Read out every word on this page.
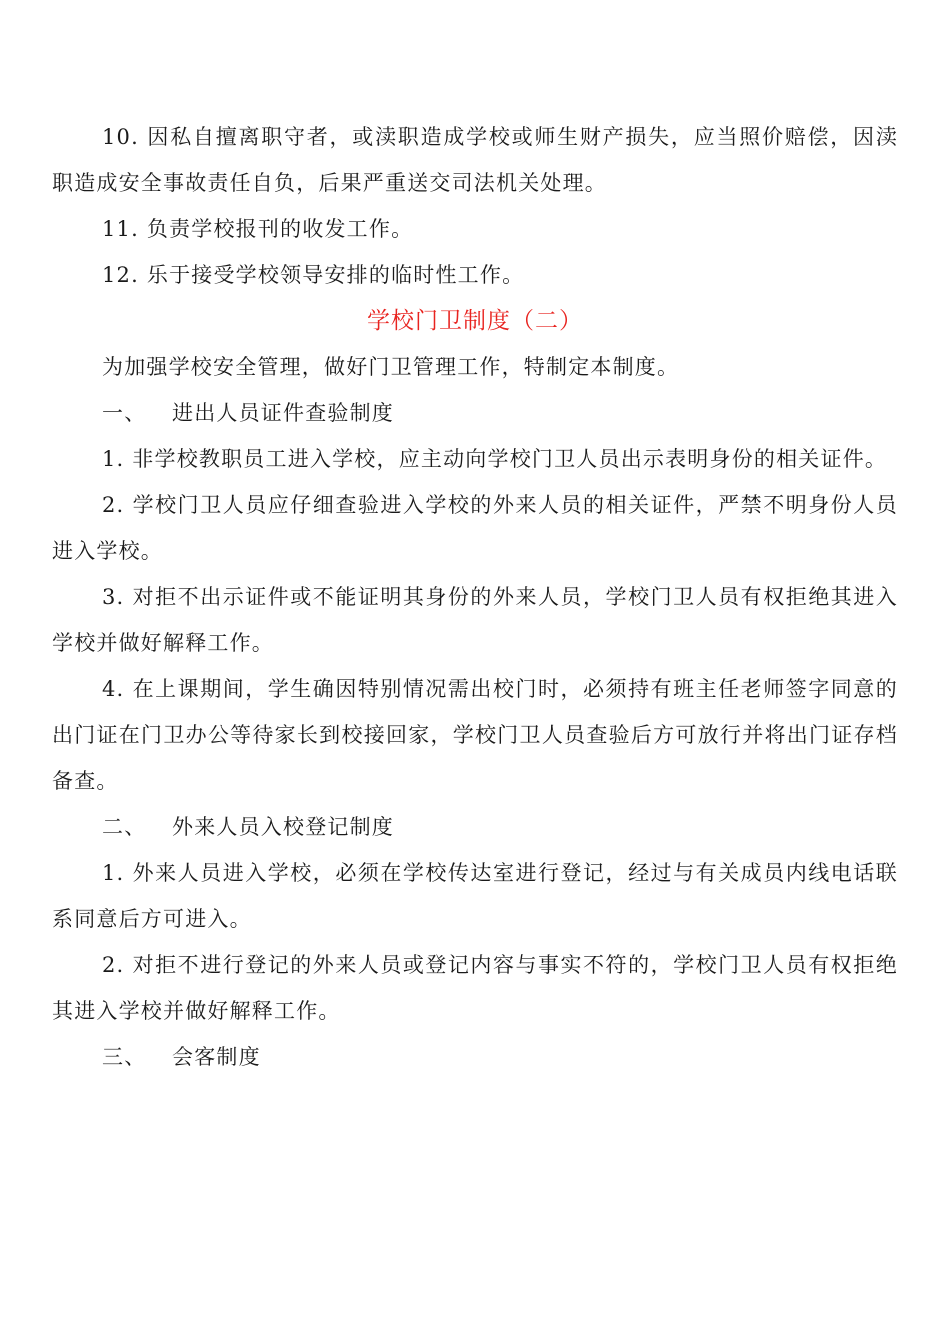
10. 因私自擅离职守者，或渎职造成学校或师生财产损失，应当照价赔偿，因渎职造成安全事故责任自负，后果严重送交司法机关处理。

11. 负责学校报刊的收发工作。

12. 乐于接受学校领导安排的临时性工作。

学校门卫制度（二）

为加强学校安全管理，做好门卫管理工作，特制定本制度。

一、 进出人员证件查验制度

1. 非学校教职员工进入学校，应主动向学校门卫人员出示表明身份的相关证件。

2. 学校门卫人员应仔细查验进入学校的外来人员的相关证件，严禁不明身份人员进入学校。

3. 对拒不出示证件或不能证明其身份的外来人员，学校门卫人员有权拒绝其进入学校并做好解释工作。

4. 在上课期间，学生确因特别情况需出校门时，必须持有班主任老师签字同意的出门证在门卫办公等待家长到校接回家，学校门卫人员查验后方可放行并将出门证存档备查。

二、 外来人员入校登记制度

1. 外来人员进入学校，必须在学校传达室进行登记，经过与有关成员内线电话联系同意后方可进入。

2. 对拒不进行登记的外来人员或登记内容与事实不符的，学校门卫人员有权拒绝其进入学校并做好解释工作。

三、 会客制度
